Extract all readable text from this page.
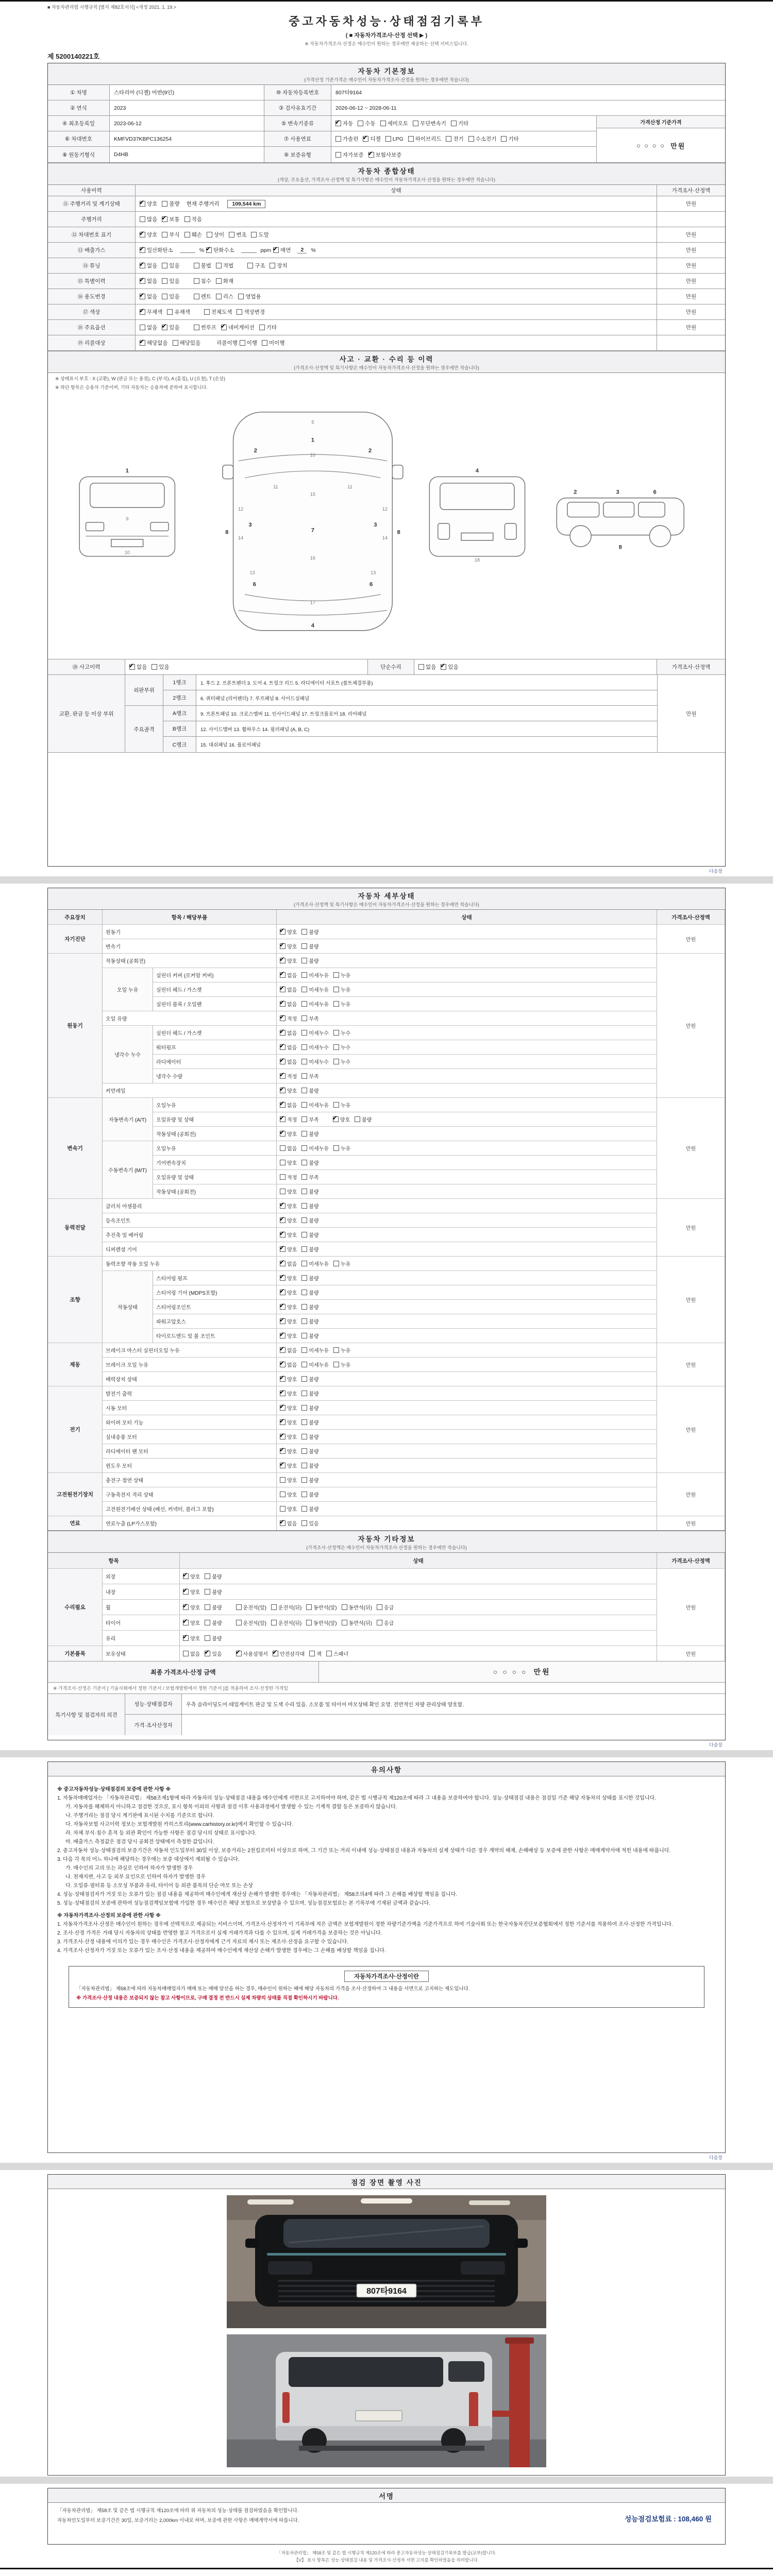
■ 자동차관리법 시행규칙 [별지 제82호서식] <개정 2021. 1. 19.>
중고자동차성능·상태점검기록부
( ■ 자동차가격조사·산정 선택 ▶ )
※ 자동차가격조사·산정은 매수인이 원하는 경우에만 제공하는 선택 서비스입니다.
제 5200140221호
자동차 기본정보
(가격산정 기준가격은 매수인이 자동차가격조사·산정을 원하는 경우에만 적습니다)
① 차명	스타리아 (디젤) 어반(9인)	⑩ 자동차등록번호	807타9164
② 연식	2023	③ 검사유효기간	2026-06-12 ~ 2028-06-11
④ 최초등록일	2023-06-12	⑤ 변속기종류 ✔	자동	수동	세미오토	무단변속기	기타
⑥ 차대번호	KMFVD37KBPC136254	⑦ 사용연료	가솔린 ✔	디젤	LPG	하이브리드	전기	수소전기	기타
⑧ 원동기형식	D4HB	⑨ 보증유형	자가보증 ✔	보험사보증
가격산정 기준가격
○ ○ ○ ○ 만원
자동차 종합상태
(색상, 주요옵션, 가격조사·산정액 및 특기사항은 매수인이 자동차가격조사·산정을 원하는 경우에만 적습니다)
사용이력	상태	가격조사·산정액
⑪ 주행거리 및 계기상태 ✔	양호	불량 현재 주행거리	109,544 km	만원
주행거리	많음 ✔	보통	적음
⑫ 차대번호 표기 ✔	양호	부식	훼손	상이	변조	도말	만원
⑬ 배출가스 ✔	일산화탄소	% ✔	탄화수소	ppm ✔	매연	2	%	만원
⑭ 튜닝 ✔	없음	있음	불법	적법	구조	장치	만원
⑮ 특별이력 ✔	없음	있음	침수	화재	만원
⑯ 용도변경 ✔	없음	있음	렌트	리스	영업용	만원
⑰ 색상 ✔	무채색	유채색	전체도색	색상변경	만원
⑱ 주요옵션	없음 ✔	있음	썬루프 ✔	네비게이션	기타	만원
⑲ 리콜대상 ✔	해당없음	해당있음	리콜이행	이행	미이행
사고 · 교환 · 수리 등 이력
(가격조사·산정액 및 특기사항은 매수인이 자동차가격조사·산정을 원하는 경우에만 적습니다)
※ 상태표시 부호 : X (교환), W (판금 또는 용접), C (부식), A (흠집), U (요철), T (손상)
※ 하단 항목은 승용차 기준이며, 기타 자동차는 승용차에 준하여 표시합니다.
1
9
10
5
1
10
2	2
11	11
3	3
7
12	12
14	14
15
16
6	6
13	13
17
4
8	8
4
18
2	3	6
8
⑳ 사고이력 ✔	없음	있음	단순수리	없음 ✔	있음	가격조사·산정액
교환, 판금 등 이상 부위
외판부위
주요골격
1랭크	1. 후드 2. 프론트펜더 3. 도어 4. 트렁크 리드 5. 라디에이터 서포트 (볼트체결부품)
2랭크	6. 쿼터패널 (리어펜더) 7. 루프패널 8. 사이드실패널
A랭크	9. 프론트패널 10. 크로스멤버 11. 인사이드패널 17. 트렁크플로어 18. 리어패널
B랭크	12. 사이드멤버 13. 휠하우스 14. 필러패널 (A, B, C)
C랭크	15. 대쉬패널 16. 플로어패널
만원
다음장
자동차 세부상태
(가격조사·산정액 및 특기사항은 매수인이 자동차가격조사·산정을 원하는 경우에만 적습니다)
주요장치	항목 / 해당부품	상태	가격조사·산정액
자기진단
원동기 ✔	양호	불량
변속기 ✔	양호	불량
만원
원동기
작동상태 (공회전) ✔	양호	불량
오일 누유
실린더 커버 (로커암 커버) ✔	없음	미세누유	누유
실린더 헤드 / 가스켓 ✔	없음	미세누유	누유
실린더 블록 / 오일팬 ✔	없음	미세누유	누유
오일 유량 ✔	적정	부족
냉각수 누수
실린더 헤드 / 가스켓 ✔	없음	미세누수	누수
워터펌프 ✔	없음	미세누수	누수
라디에이터 ✔	없음	미세누수	누수
냉각수 수량 ✔	적정	부족
커먼레일 ✔	양호	불량
만원
변속기
자동변속기 (A/T)
오일누유 ✔	없음	미세누유	누유
오일유량 및 상태 ✔	적정	부족 ✔	양호	불량
작동상태 (공회전) ✔	양호	불량
수동변속기 (M/T)
오일누유	없음	미세누유	누유
기어변속장치	양호	불량
오일유량 및 상태	적정	부족
작동상태 (공회전)	양호	불량
만원
동력전달
클러치 어셈블리 ✔	양호	불량
등속조인트 ✔	양호	불량
추진축 및 베어링 ✔	양호	불량
디퍼렌셜 기어 ✔	양호	불량
만원
조향
동력조향 작동 오일 누유 ✔	없음	미세누유	누유
작동상태
스티어링 펌프 ✔	양호	불량
스티어링 기어 (MDPS포함) ✔	양호	불량
스티어링조인트 ✔	양호	불량
파워고압호스 ✔	양호	불량
타이로드엔드 및 볼 조인트 ✔	양호	불량
만원
제동
브레이크 마스터 실린더오일 누유 ✔	없음	미세누유	누유
브레이크 오일 누유 ✔	없음	미세누유	누유
배력장치 상태 ✔	양호	불량
만원
전기
발전기 출력 ✔	양호	불량
시동 모터 ✔	양호	불량
와이퍼 모터 기능 ✔	양호	불량
실내송풍 모터 ✔	양호	불량
라디에이터 팬 모터 ✔	양호	불량
윈도우 모터 ✔	양호	불량
만원
고전원전기장치
충전구 절연 상태	양호	불량
구동축전지 격리 상태	양호	불량
고전원전기배선 상태 (배선, 커넥터, 플러그 포함)	양호	불량
만원
연료	연료누출 (LP가스포함) ✔	없음	있음	만원
자동차 기타정보
(가격조사·산정액은 매수인이 자동차가격조사·산정을 원하는 경우에만 적습니다)
항목	상태	가격조사·산정액
수리필요
외장 ✔	양호	불량
내장 ✔	양호	불량
휠 ✔	양호	불량	운전석(앞)	운전석(뒤)	동반석(앞)	동반석(뒤)	응급
타이어 ✔	양호	불량	운전석(앞)	운전석(뒤)	동반석(앞)	동반석(뒤)	응급
유리 ✔	양호	불량
만원
기본품목	보유상태	없음 ✔	있음 ✔	사용설명서 ✔	안전삼각대	잭	스패너	만원
최종 가격조사·산정 금액	○ ○ ○ ○ 만원
※ 가격조사·산정은 기준서 [ 기술사회에서 정한 기준서 / 보험개발원에서 정한 기준서 ]를 적용하여 조사·산정한 가격임
특기사항 및 점검자의 의견
성능·상태점검자	우측 슬라이딩도어·테일게이트 판금 및 도색 수리 있음. 소모품 및 타이어 마모상태 확인 요망. 전반적인 차량 관리상태 양호함.
가격·조사산정자
다음장
유의사항
※ 중고자동차성능·상태점검의 보증에 관한 사항 ※
1. 자동차매매업자는 「자동차관리법」 제58조제1항에 따라 자동차의 성능·상태점검 내용을 매수인에게 서면으로 고지하여야 하며, 같은 법 시행규칙 제120조에 따라 그 내용을 보증하여야 합니다. 성능·상태점검 내용은 점검일 기준 해당 자동차의 상태를 표시한 것입니다.
가. 자동차를 해체하지 아니하고 점검한 것으로, 표시 항목 이외의 사항과 점검 이후 사용과정에서 발생할 수 있는 기계적 결함 등은 보증하지 않습니다.
나. 주행거리는 점검 당시 계기판에 표시된 수치를 기준으로 합니다.
다. 자동차보험 사고이력 정보는 보험개발원 카히스토리(www.carhistory.or.kr)에서 확인할 수 있습니다.
라. 차체 부식·침수 흔적 등 외관 확인이 가능한 사항은 점검 당시의 상태로 표시합니다.
마. 배출가스 측정값은 점검 당시 공회전 상태에서 측정한 값입니다.
2. 중고자동차 성능·상태점검의 보증기간은 자동차 인도일부터 30일 이상, 보증거리는 2천킬로미터 이상으로 하며, 그 기간 또는 거리 이내에 성능·상태점검 내용과 자동차의 실제 상태가 다른 경우 계약의 해제, 손해배상 등 보증에 관한 사항은 매매계약서에 적힌 내용에 따릅니다.
3. 다음 각 목의 어느 하나에 해당하는 경우에는 보증 대상에서 제외될 수 있습니다.
가. 매수인의 고의 또는 과실로 인하여 하자가 발생한 경우
나. 천재지변, 사고 등 외부 요인으로 인하여 하자가 발생한 경우
다. 오일류·필터류 등 소모성 부품과 유리, 타이어 등 외관 품목의 단순 마모 또는 손상
4. 성능·상태점검자가 거짓 또는 오류가 있는 점검 내용을 제공하여 매수인에게 재산상 손해가 발생한 경우에는 「자동차관리법」 제58조의4에 따라 그 손해를 배상할 책임을 집니다.
5. 성능·상태점검의 보증에 관하여 성능점검책임보험에 가입한 경우 매수인은 해당 보험으로 보상받을 수 있으며, 성능점검보험료는 본 기록부에 기재된 금액과 같습니다.
※ 자동차가격조사·산정의 보증에 관한 사항 ※
1. 자동차가격조사·산정은 매수인이 원하는 경우에 선택적으로 제공되는 서비스이며, 가격조사·산정자가 이 기록부에 적은 금액은 보험개발원이 정한 차량기준가액을 기준가격으로 하여 기술사회 또는 한국자동차진단보증협회에서 정한 기준서를 적용하여 조사·산정한 가격입니다.
2. 조사·산정 가격은 거래 당시 자동차의 상태를 반영한 참고 가격으로서 실제 거래가격과 다를 수 있으며, 실제 거래가격을 보증하는 것은 아닙니다.
3. 가격조사·산정 내용에 이의가 있는 경우 매수인은 가격조사·산정자에게 근거 자료의 제시 또는 재조사·산정을 요구할 수 있습니다.
4. 가격조사·산정자가 거짓 또는 오류가 있는 조사·산정 내용을 제공하여 매수인에게 재산상 손해가 발생한 경우에는 그 손해를 배상할 책임을 집니다.
자동차가격조사·산정이란
「자동차관리법」 제58조에 따라 자동차매매업자가 매매 또는 매매 알선을 하는 경우, 매수인이 원하는 때에 해당 자동차의 가격을 조사·산정하여 그 내용을 서면으로 고지하는 제도입니다.
※ 가격조사·산정 내용은 보증되지 않는 참고 사항이므로, 구매 결정 전 반드시 실제 차량의 상태를 직접 확인하시기 바랍니다.
다음장
점검 장면 촬영 사진
807타9164
서명
「자동차관리법」 제58조 및 같은 법 시행규칙 제120조에 따라 위 자동차의 성능·상태를 점검하였음을 확인합니다.
자동차인도일부터 보증기간은 30일, 보증거리는 2,000km 이내로 하며, 보증에 관한 사항은 매매계약서에 따릅니다.	성능점검보험료 : 108,460 원
「자동차관리법」 제58조 및 같은 법 시행규칙 제120조에 따라 중고자동차성능·상태점검기록부를 발급(교부)합니다.
【V】 표시 항목은 성능·상태점검 내용 및 가격조사·산정자 서면 고지를 확인하였음을 의미합니다.
